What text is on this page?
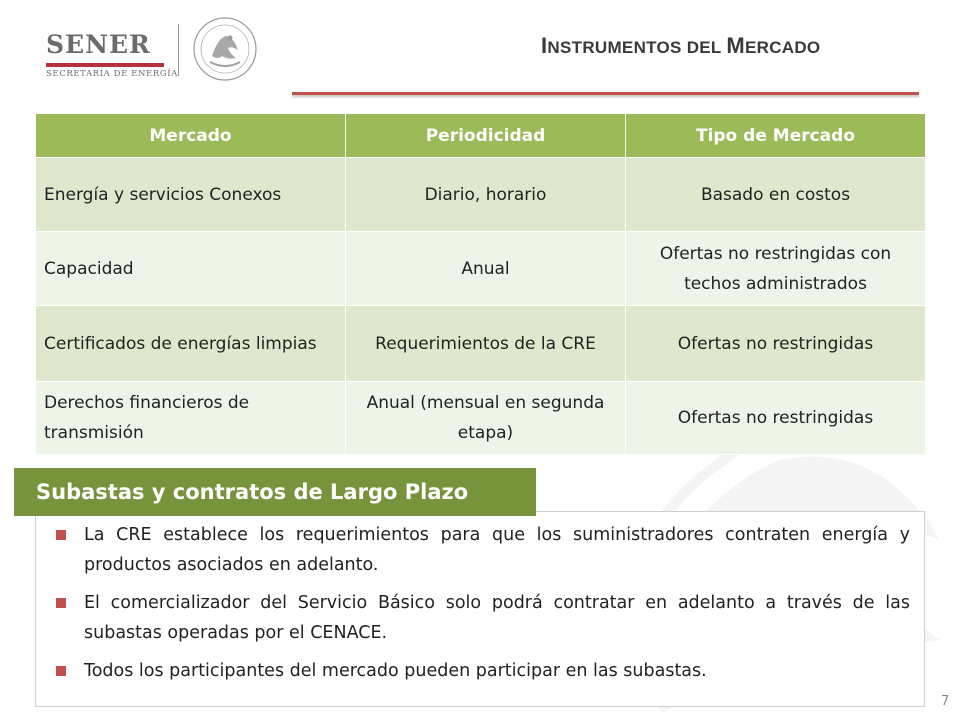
SENER
SECRETARÍA DE ENERGÍA
INSTRUMENTOS DEL MERCADO
Mercado	Periodicidad	Tipo de Mercado
Energía y servicios Conexos	Diario, horario	Basado en costos
Capacidad	Anual	Ofertas no restringidas con techos administrados
Certificados de energías limpias	Requerimientos de la CRE	Ofertas no restringidas
Derechos financieros de transmisión	Anual (mensual en segunda etapa)	Ofertas no restringidas
Subastas y contratos de Largo Plazo
La CRE establece los requerimientos para que los suministradores contraten energía y productos asociados en adelanto.
El comercializador del Servicio Básico solo podrá contratar en adelanto a través de las subastas operadas por el CENACE.
Todos los participantes del mercado pueden participar en las subastas.
7
